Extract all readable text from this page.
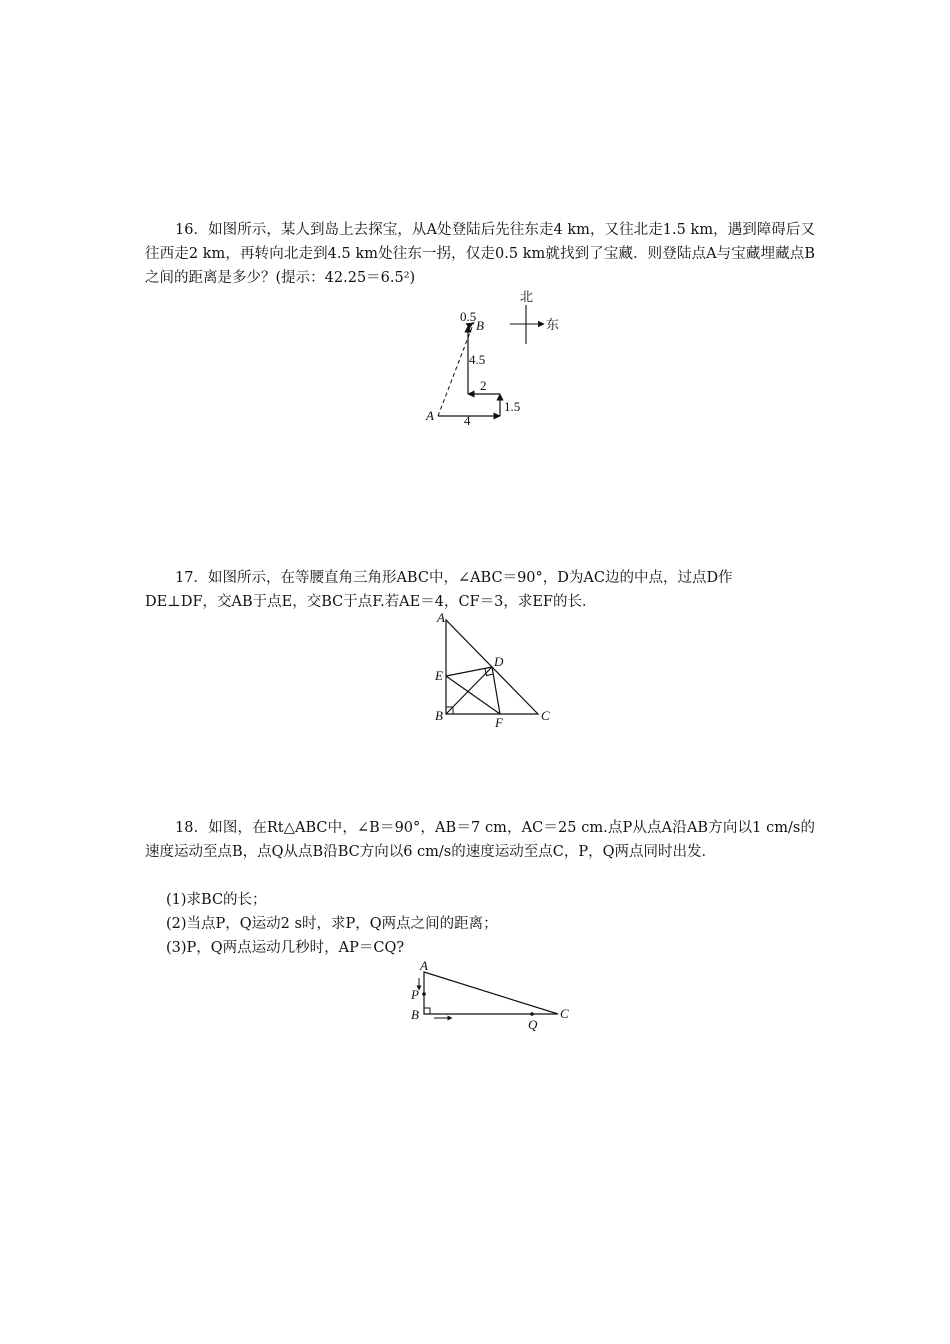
16．如图所示，某人到岛上去探宝，从A处登陆后先往东走4 km，又往北走1.5 km，遇到障碍后又往西走2 km，再转向北走到4.5 km处往东一拐，仅走0.5 km就找到了宝藏．则登陆点A与宝藏埋藏点B之间的距离是多少？(提示：42.25＝6.5²)

A
B
4
1.5
2
4.5
0.5
北
东

17．如图所示，在等腰直角三角形ABC中，∠ABC＝90°，D为AC边的中点，过点D作

DE⊥DF，交AB于点E，交BC于点F.若AE＝4，CF＝3，求EF的长．

A
B	C
D
E
F

18．如图，在Rt△ABC中，∠B＝90°，AB＝7 cm，AC＝25 cm.点P从点A沿AB方向以1 cm/s的速度运动至点B，点Q从点B沿BC方向以6 cm/s的速度运动至点C，P，Q两点同时出发．

(1)求BC的长；

(2)当点P，Q运动2 s时，求P，Q两点之间的距离；

(3)P，Q两点运动几秒时，AP＝CQ?

A
P
B	C
Q
